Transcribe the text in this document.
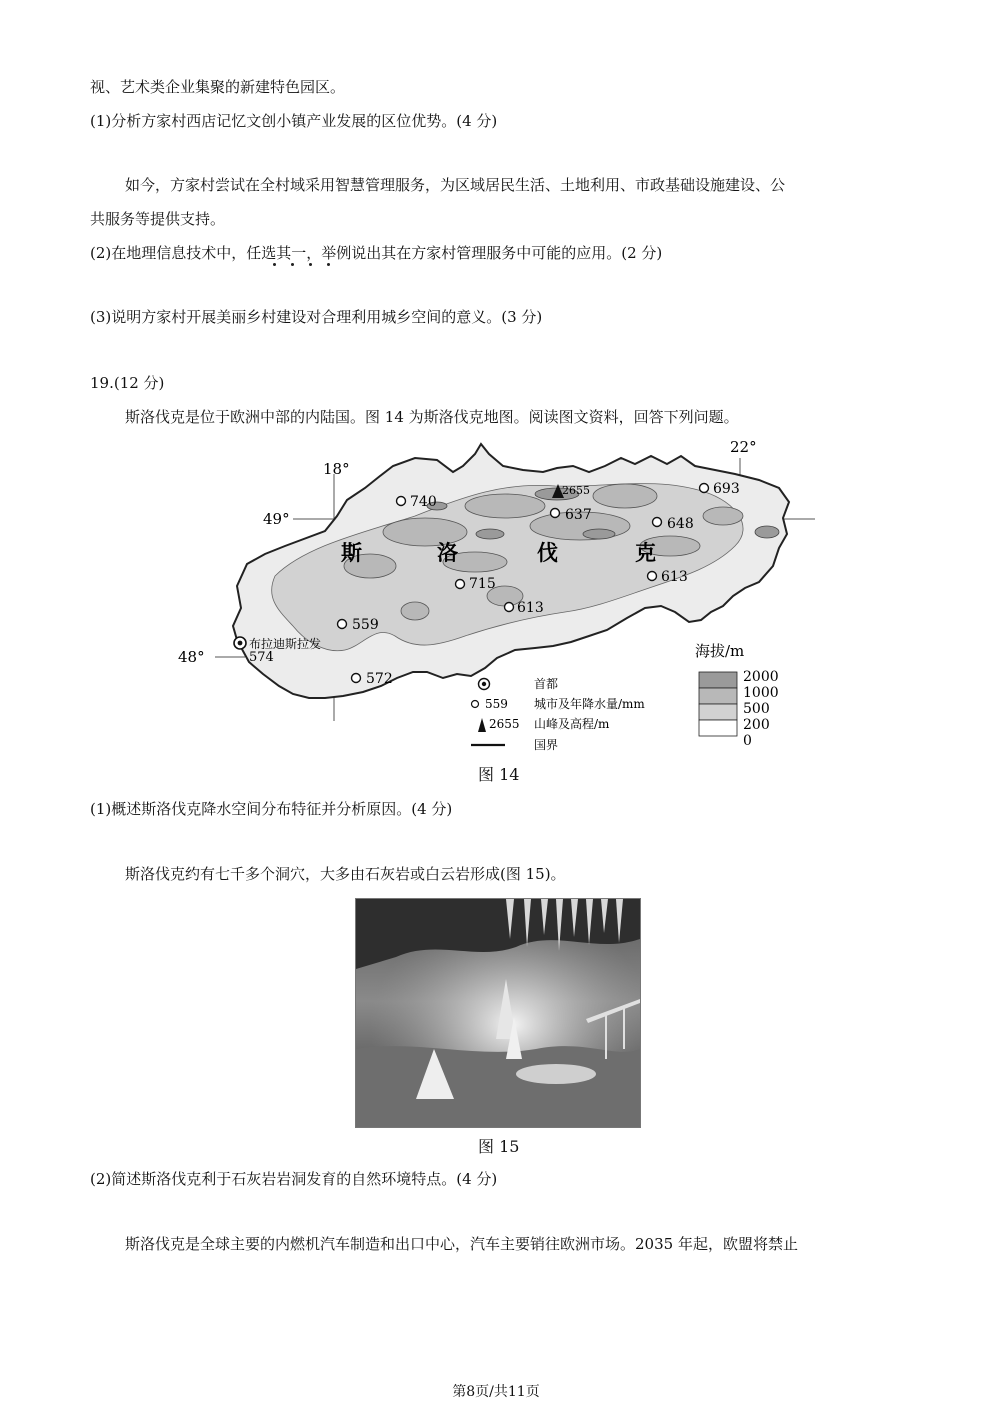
视、艺术类企业集聚的新建特色园区。
(1)分析方家村西店记忆文创小镇产业发展的区位优势。(4 分)
如今，方家村尝试在全村域采用智慧管理服务，为区域居民生活、土地利用、市政基础设施建设、公
共服务等提供支持。
(2)在地理信息技术中，任选其一，举例说出其在方家村管理服务中可能的应用。(2 分)
(3)说明方家村开展美丽乡村建设对合理利用城乡空间的意义。(3 分)
19.(12 分)
斯洛伐克是位于欧洲中部的内陆国。图 14 为斯洛伐克地图。阅读图文资料，回答下列问题。
18°
22°
49°
48°
斯	洛	伐	克
2655
740
637
693
648
613
715
613
559
572
布拉迪斯拉发
574
首都
559 城市及年降水量/mm
2655 山峰及高程/m
国界
海拔/m
2000
1000
500
200
0
图 14
(1)概述斯洛伐克降水空间分布特征并分析原因。(4 分)
斯洛伐克约有七千多个洞穴，大多由石灰岩或白云岩形成(图 15)。
图 15
(2)简述斯洛伐克利于石灰岩岩洞发育的自然环境特点。(4 分)
斯洛伐克是全球主要的内燃机汽车制造和出口中心，汽车主要销往欧洲市场。2035 年起，欧盟将禁止
第8页/共11页
